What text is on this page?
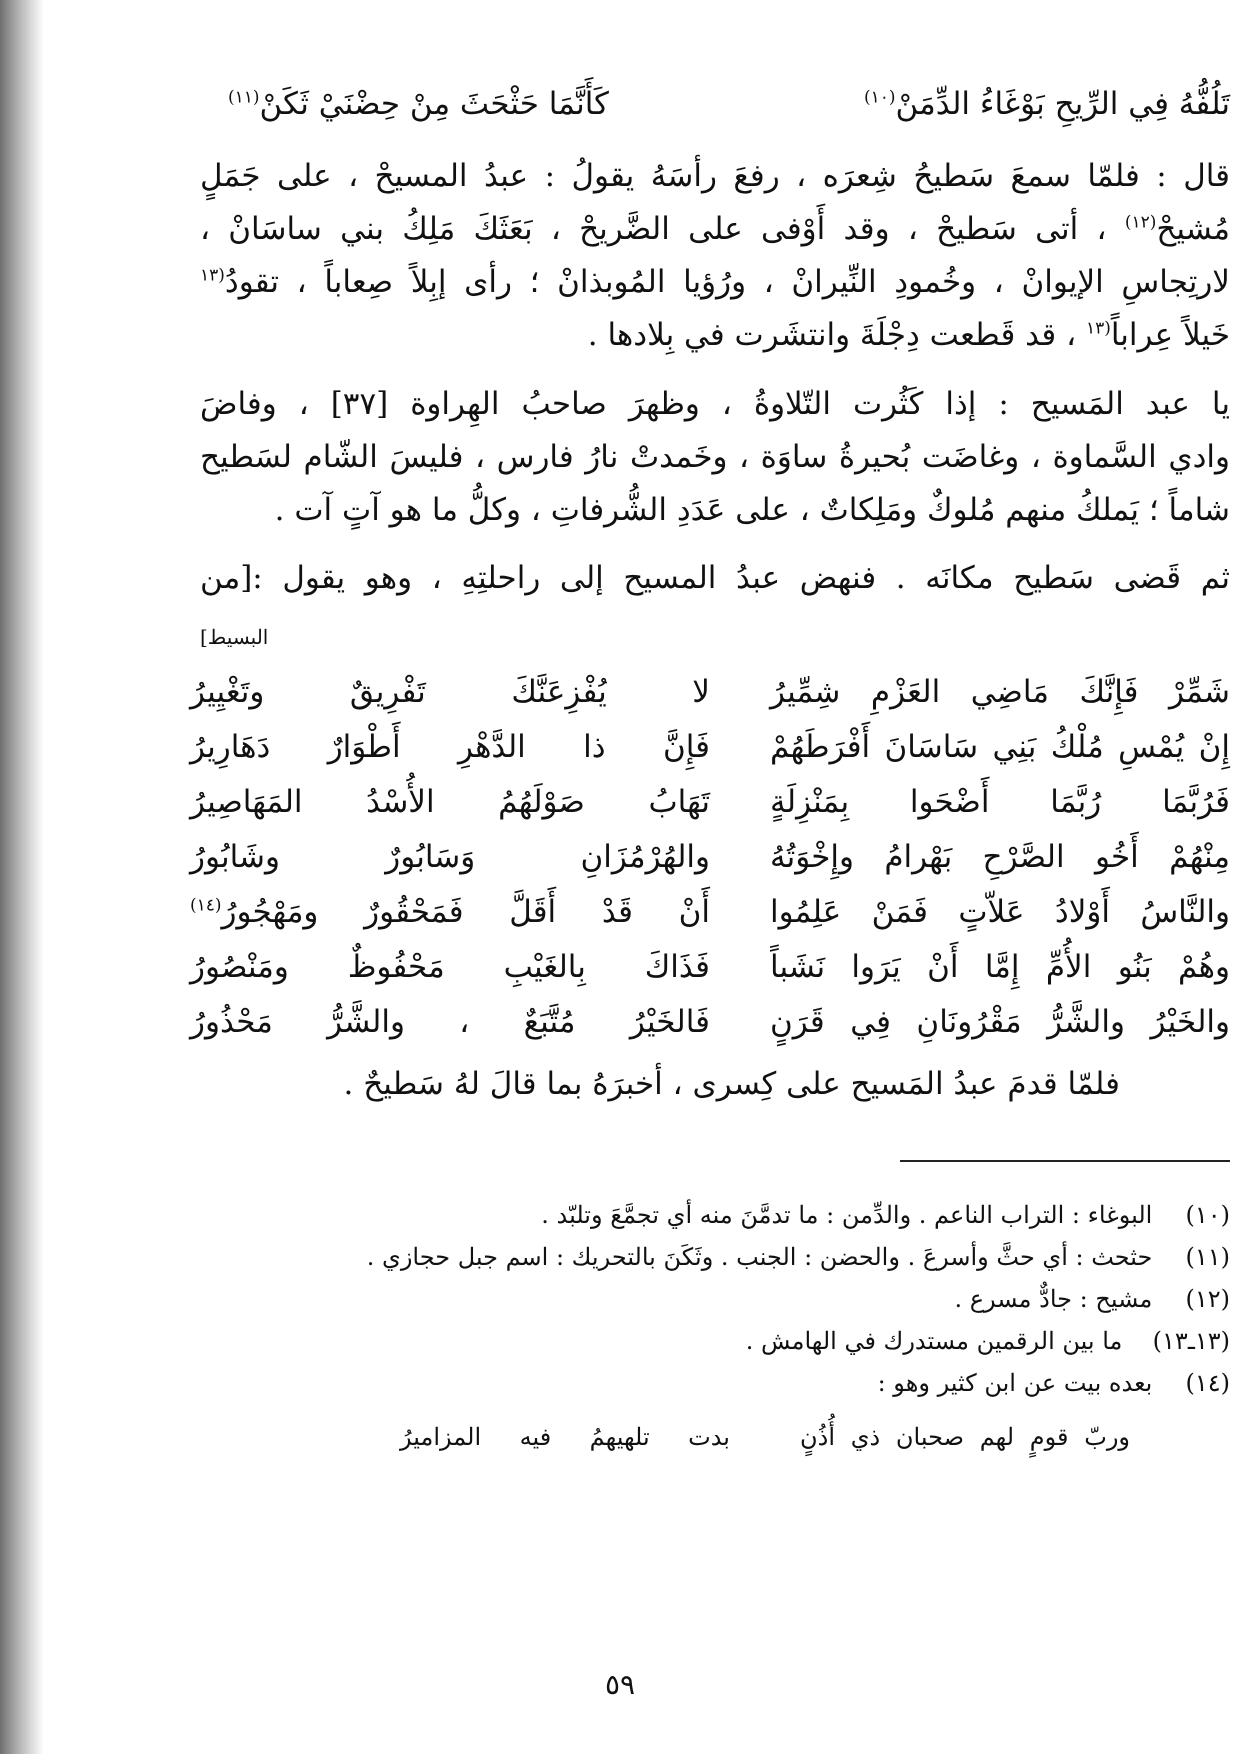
تَلُفُّهُ فِي الرِّيحِ بَوْغَاءُ الدِّمَنْ$^{(١٠)}$
كَأَنَّمَا حَثْحَثَ مِنْ حِضْنَيْ ثَكَنْ$^{(١١)}$
قال : فلمّا سمعَ سَطيحُ شِعرَه ، رفعَ رأسَهُ يقولُ : عبدُ المسيحْ ، على جَمَلٍ
مُشيحْ$^{(١٢)}$ ، أتى سَطيحْ ، وقد أَوْفى على الضَّريحْ ، بَعَثَكَ مَلِكُ بني ساسَانْ ،
لارتِجاسِ الإيوانْ ، وخُمودِ النِّيرانْ ، ورُؤيا المُوبذانْ ؛ رأى إبِلاً صِعاباً ، تقودُ$^{(١٣}$
خَيلاً عِراباً$^{(١٣}$ ، قد قَطعت دِجْلَةَ وانتشَرت في بِلادها .
يا عبد المَسيح : إذا كَثُرت التّلاوةُ ، وظهرَ صاحبُ الهِراوة [٣٧] ، وفاضَ
وادي السَّماوة ، وغاضَت بُحيرةُ ساوَة ، وخَمدتْ نارُ فارس ، فليسَ الشّام لسَطيح
شاماً ؛ يَملكُ منهم مُلوكٌ ومَلِكاتٌ ، على عَدَدِ الشُّرفاتِ ، وكلُّ ما هو آتٍ آت .
ثم قَضى سَطيح مكانَه . فنهض عبدُ المسيح إلى راحلتِهِ ، وهو يقول :[من
البسيط]
شَمِّرْ فَإِنَّكَ مَاضِي العَزْمِ شِمِّيرُ
لا يُفْزِعَنَّكَ تَفْرِيقٌ وتَغْيِيرُ
إِنْ يُمْسِ مُلْكُ بَنِي سَاسَانَ أَفْرَطَهُمْ
فَإِنَّ ذا الدَّهْرِ أَطْوَارٌ دَهَارِيرُ
فَرُبَّمَا رُبَّمَا أَضْحَوا بِمَنْزِلَةٍ
تَهَابُ صَوْلَهُمُ الأُسْدُ المَهَاصِيرُ
مِنْهُمْ أَخُو الصَّرْحِ بَهْرامُ وإِخْوَتُهُ
والهُرْمُزَانِ وَسَابُورٌ وشَابُورُ
والنَّاسُ أَوْلادُ عَلاّتٍ فَمَنْ عَلِمُوا
أَنْ قَدْ أَقَلَّ فَمَحْقُورٌ ومَهْجُورُ$^{(١٤)}$
وهُمْ بَنُو الأُمِّ إِمَّا أَنْ يَرَوا نَشَباً
فَذَاكَ بِالغَيْبِ مَحْفُوظٌ ومَنْصُورُ
والخَيْرُ والشَّرُّ مَقْرُونَانِ فِي قَرَنٍ
فَالخَيْرُ مُتَّبَعٌ ، والشَّرُّ مَحْذُورُ
فلمّا قدمَ عبدُ المَسيح على كِسرى ، أخبرَهُ بما قالَ لهُ سَطيحٌ .
(١٠) البوغاء : التراب الناعم . والدِّمن : ما تدمَّنَ منه أي تجمَّعَ وتلبّد .
(١١) حثحث : أي حثَّ وأسرعَ . والحضن : الجنب . وثَكَنَ بالتحريك : اسم جبل حجازي .
(١٢) مشيح : جادٌّ مسرع .
(١٣ـ١٣) ما بين الرقمين مستدرك في الهامش .
(١٤) بعده بيت عن ابن كثير وهو :
وربّ قومٍ لهم صحبان ذي أُذُنٍ
بدت تلهيهمُ فيه المزاميرُ
٥٩
